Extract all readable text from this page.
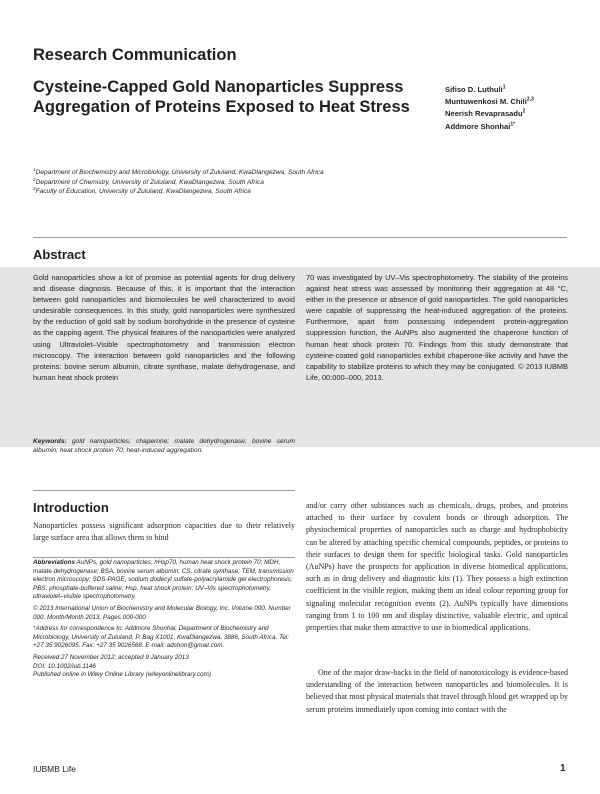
Research Communication
Cysteine-Capped Gold Nanoparticles Suppress Aggregation of Proteins Exposed to Heat Stress
Sifiso D. Luthuli$^1$
Muntuwenkosi M. Chili$^{2,3}$
Neerish Revaprasadu$^2$
Addmore Shonhai$^{1*}$
$^1$Department of Biochemistry and Microbiology, University of Zululand, KwaDlangezwa, South Africa
$^2$Department of Chemistry, University of Zululand, KwaDlangezwa, South Africa
$^3$Faculty of Education, University of Zululand, KwaDlangezwa, South Africa
Abstract
Gold nanoparticles show a lot of promise as potential agents for drug delivery and disease diagnosis. Because of this, it is important that the interaction between gold nanoparticles and biomolecules be well characterized to avoid undesirable consequences. In this study, gold nanoparticles were synthesized by the reduction of gold salt by sodium borohydride in the presence of cysteine as the capping agent. The physical features of the nanoparticles were analyzed using Ultraviolet–Visible spectrophotometry and transmission electron microscopy. The interaction between gold nanoparticles and the following proteins: bovine serum albumin, citrate synthase, malate dehydrogenase, and human heat shock protein
70 was investigated by UV–Vis spectrophotometry. The stability of the proteins against heat stress was assessed by monitoring their aggregation at 48 °C, either in the presence or absence of gold nanoparticles. The gold nanoparticles were capable of suppressing the heat-induced aggregation of the proteins. Furthermore, apart from possessing independent protein-aggregation suppression function, the AuNPs also augmented the chaperone function of human heat shock protein 70. Findings from this study demonstrate that cysteine-coated gold nanoparticles exhibit chaperone-like activity and have the capability to stabilize proteins to which they may be conjugated. © 2013 IUBMB Life, 00:000–000, 2013.
Keywords: gold nanoparticles; chaperone; malate dehydrogenase; bovine serum albumin; heat shock protein 70; heat-induced aggregation.
Introduction
Nanoparticles possess significant adsorption capacities due to their relatively large surface area that allows them to bind

Abbreviations AuNPs, gold nanoparticles; hHsp70, human heat shock protein 70; MDH, malate dehydrogenase; BSA, bovine serum albumin; CS, citrate synthase; TEM, transmission electron microscopy; SDS-PAGE, sodium dodecyl sulfate-polyacrylamide gel electrophoresis; PBS, phosphate-buffered saline; Hsp, heat shock protein; UV–Vis spectrophotometry, ultraviolet–visible spectrophotometry.

© 2013 International Union of Biochemistry and Molecular Biology, Inc. Volume 000, Number 000, Month/Month 2013, Pages 000-000

*Address for correspondence to: Addmore Shonhai, Department of Biochemistry and Microbiology, University of Zululand, P. Bag X1001, KwaDlangezwa, 3886, South Africa. Tel: +27 35 9026095. Fax: +27 35 9026568. E-mail: adshon@gmail.com.

Received 27 November 2012; accepted 9 January 2013
DOI: 10.1002/iub.1146
Published online in Wiley Online Library (wileyonlinelibrary.com)
and/or carry other substances such as chemicals, drugs, probes, and proteins attached to their surface by covalent bonds or through adsorption. The physiochemical properties of nanoparticles such as charge and hydrophobicity can be altered by attaching specific chemical compounds, peptides, or proteins to their surfaces to design them for specific biological tasks. Gold nanoparticles (AuNPs) have the prospects for application in diverse biomedical applications, such as in drug delivery and diagnostic kits (1). They possess a high extinction coefficient in the visible region, making them an ideal colour reporting group for signaling molecular recognition events (2). AuNPs typically have dimensions ranging from 1 to 100 nm and display distinctive, valuable electric, and optical properties that make them attractive to use in biomedical applications.
One of the major draw-backs in the field of nanotoxicology is evidence-based understanding of the interaction between nanoparticles and biomolecules. It is believed that most physical materials that travel through blood get wrapped up by serum proteins immediately upon coming into contact with the
IUBMB Life	1
